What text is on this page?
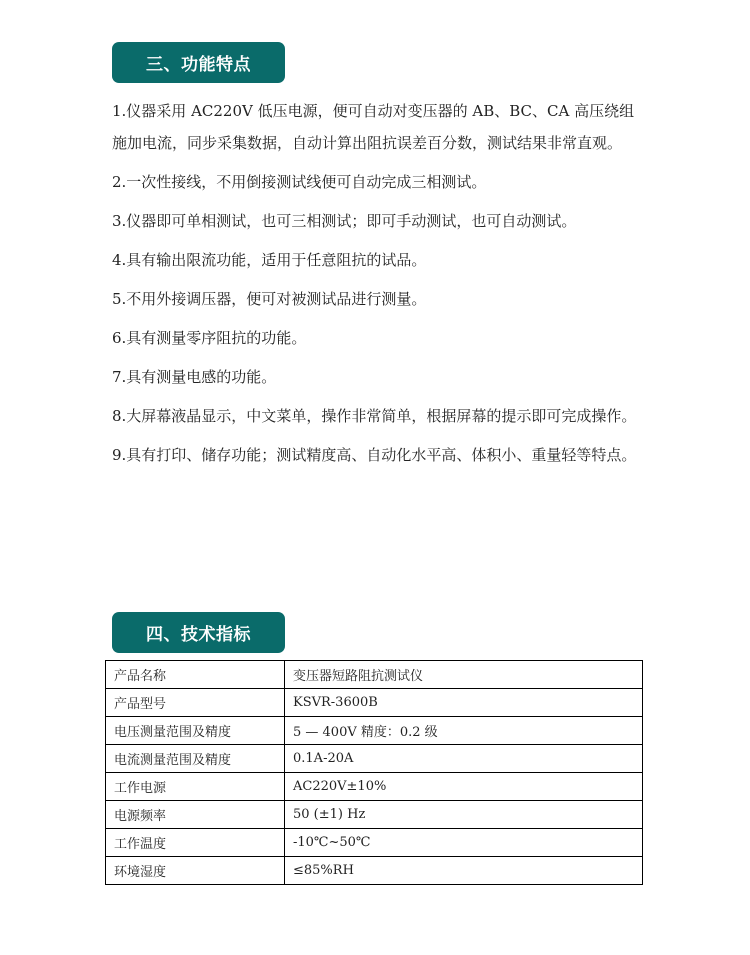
三、功能特点
1.仪器采用 AC220V 低压电源，便可自动对变压器的 AB、BC、CA 高压绕组施加电流，同步采集数据，自动计算出阻抗误差百分数，测试结果非常直观。
2.一次性接线，不用倒接测试线便可自动完成三相测试。
3.仪器即可单相测试，也可三相测试；即可手动测试，也可自动测试。
4.具有输出限流功能，适用于任意阻抗的试品。
5.不用外接调压器，便可对被测试品进行测量。
6.具有测量零序阻抗的功能。
7.具有测量电感的功能。
8.大屏幕液晶显示，中文菜单，操作非常简单，根据屏幕的提示即可完成操作。
9.具有打印、储存功能；测试精度高、自动化水平高、体积小、重量轻等特点。
四、技术指标
产品名称	变压器短路阻抗测试仪
产品型号	KSVR-3600B
电压测量范围及精度	5 — 400V 精度：0.2 级
电流测量范围及精度	0.1A-20A
工作电源	AC220V±10%
电源频率	50 (±1) Hz
工作温度	-10℃~50℃
环境湿度	≤85%RH
